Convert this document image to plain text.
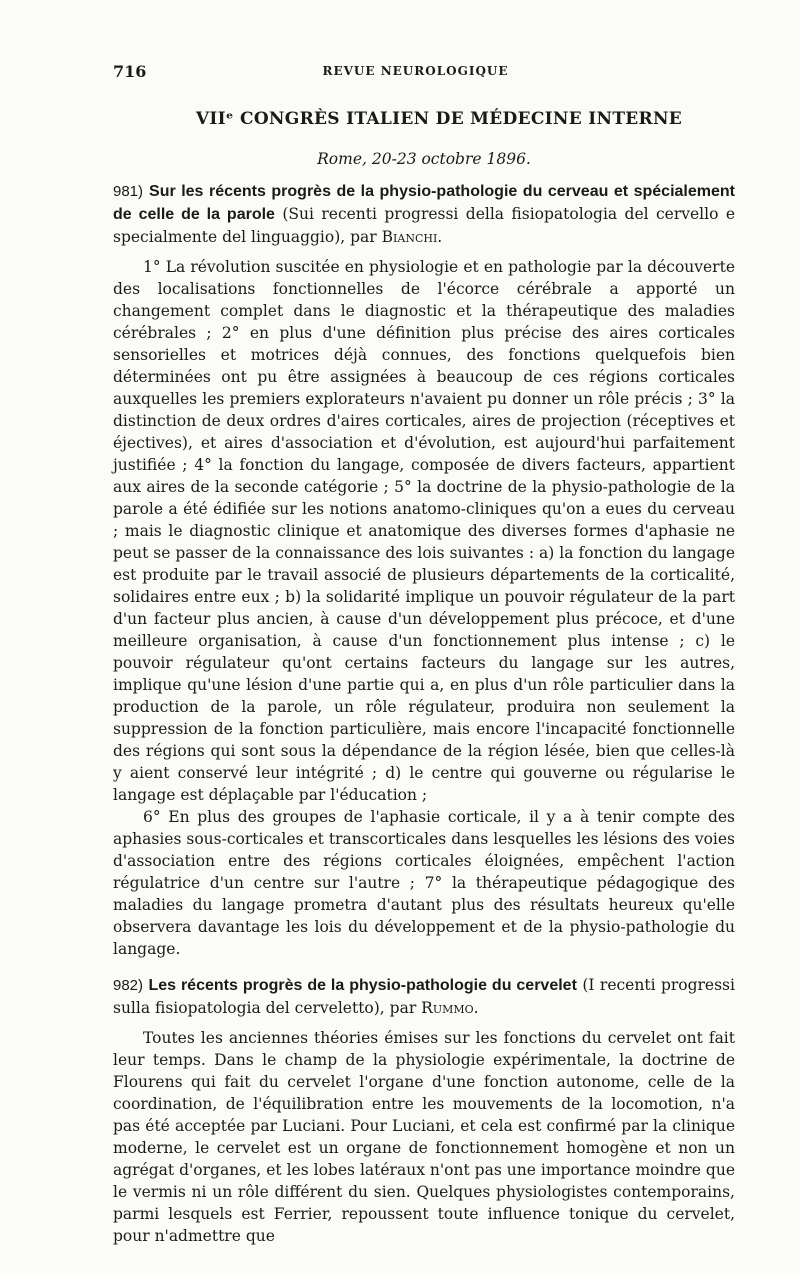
716	REVUE NEUROLOGIQUE
VIIᵉ CONGRÈS ITALIEN DE MÉDECINE INTERNE
Rome, 20-23 octobre 1896.
981) Sur les récents progrès de la physio-pathologie du cerveau et spécialement de celle de la parole (Sui recenti progressi della fisiopatologia del cervello e specialmente del linguaggio), par Bianchi.

1° La révolution suscitée en physiologie et en pathologie par la découverte des localisations fonctionnelles de l'écorce cérébrale a apporté un changement complet dans le diagnostic et la thérapeutique des maladies cérébrales ; 2° en plus d'une définition plus précise des aires corticales sensorielles et motrices déjà connues, des fonctions quelquefois bien déterminées ont pu être assignées à beaucoup de ces régions corticales auxquelles les premiers explorateurs n'avaient pu donner un rôle précis ; 3° la distinction de deux ordres d'aires corticales, aires de projection (réceptives et éjectives), et aires d'association et d'évolution, est aujourd'hui parfaitement justifiée ; 4° la fonction du langage, composée de divers facteurs, appartient aux aires de la seconde catégorie ; 5° la doctrine de la physio-pathologie de la parole a été édifiée sur les notions anatomo-cliniques qu'on a eues du cerveau ; mais le diagnostic clinique et anatomique des diverses formes d'aphasie ne peut se passer de la connaissance des lois suivantes : a) la fonction du langage est produite par le travail associé de plusieurs départements de la corticalité, solidaires entre eux ; b) la solidarité implique un pouvoir régulateur de la part d'un facteur plus ancien, à cause d'un développement plus précoce, et d'une meilleure organisation, à cause d'un fonctionnement plus intense ; c) le pouvoir régulateur qu'ont certains facteurs du langage sur les autres, implique qu'une lésion d'une partie qui a, en plus d'un rôle particulier dans la production de la parole, un rôle régulateur, produira non seulement la suppression de la fonction particulière, mais encore l'incapacité fonctionnelle des régions qui sont sous la dépendance de la région lésée, bien que celles-là y aient conservé leur intégrité ; d) le centre qui gouverne ou régularise le langage est déplaçable par l'éducation ;

6° En plus des groupes de l'aphasie corticale, il y a à tenir compte des aphasies sous-corticales et transcorticales dans lesquelles les lésions des voies d'association entre des régions corticales éloignées, empêchent l'action régulatrice d'un centre sur l'autre ; 7° la thérapeutique pédagogique des maladies du langage prometra d'autant plus des résultats heureux qu'elle observera davantage les lois du développement et de la physio-pathologie du langage.

982) Les récents progrès de la physio-pathologie du cervelet (I recenti progressi sulla fisiopatologia del cerveletto), par Rummo.

Toutes les anciennes théories émises sur les fonctions du cervelet ont fait leur temps. Dans le champ de la physiologie expérimentale, la doctrine de Flourens qui fait du cervelet l'organe d'une fonction autonome, celle de la coordination, de l'équilibration entre les mouvements de la locomotion, n'a pas été acceptée par Luciani. Pour Luciani, et cela est confirmé par la clinique moderne, le cervelet est un organe de fonctionnement homogène et non un agrégat d'organes, et les lobes latéraux n'ont pas une importance moindre que le vermis ni un rôle différent du sien. Quelques physiologistes contemporains, parmi lesquels est Ferrier, repoussent toute influence tonique du cervelet, pour n'admettre que
